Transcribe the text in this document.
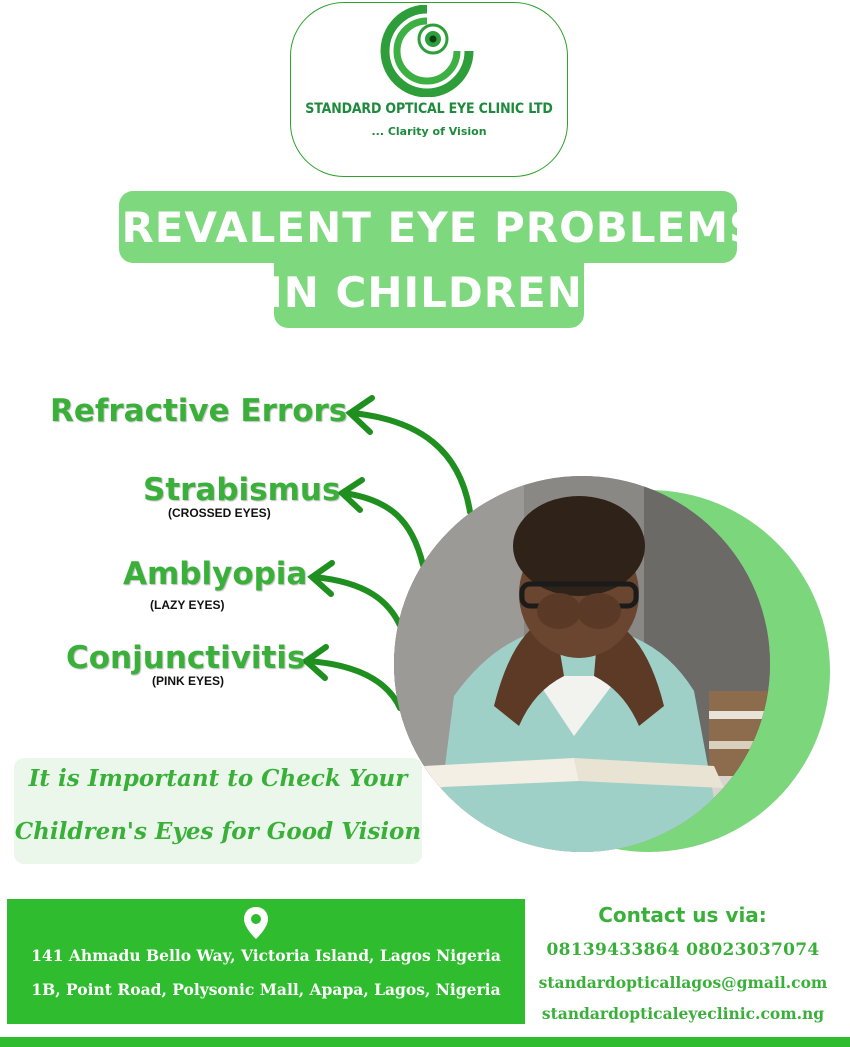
STANDARD OPTICAL EYE CLINIC LTD
... Clarity of Vision
PREVALENT EYE PROBLEMS
IN CHILDREN
Refractive Errors
Strabismus
(CROSSED EYES)
Amblyopia
(LAZY EYES)
Conjunctivitis
(PINK EYES)
It is Important to Check Your
Children's Eyes for Good Vision
141 Ahmadu Bello Way, Victoria Island, Lagos Nigeria
1B, Point Road, Polysonic Mall, Apapa, Lagos, Nigeria
Contact us via:
08139433864 08023037074
standardopticallagos@gmail.com
standardopticaleyeclinic.com.ng
